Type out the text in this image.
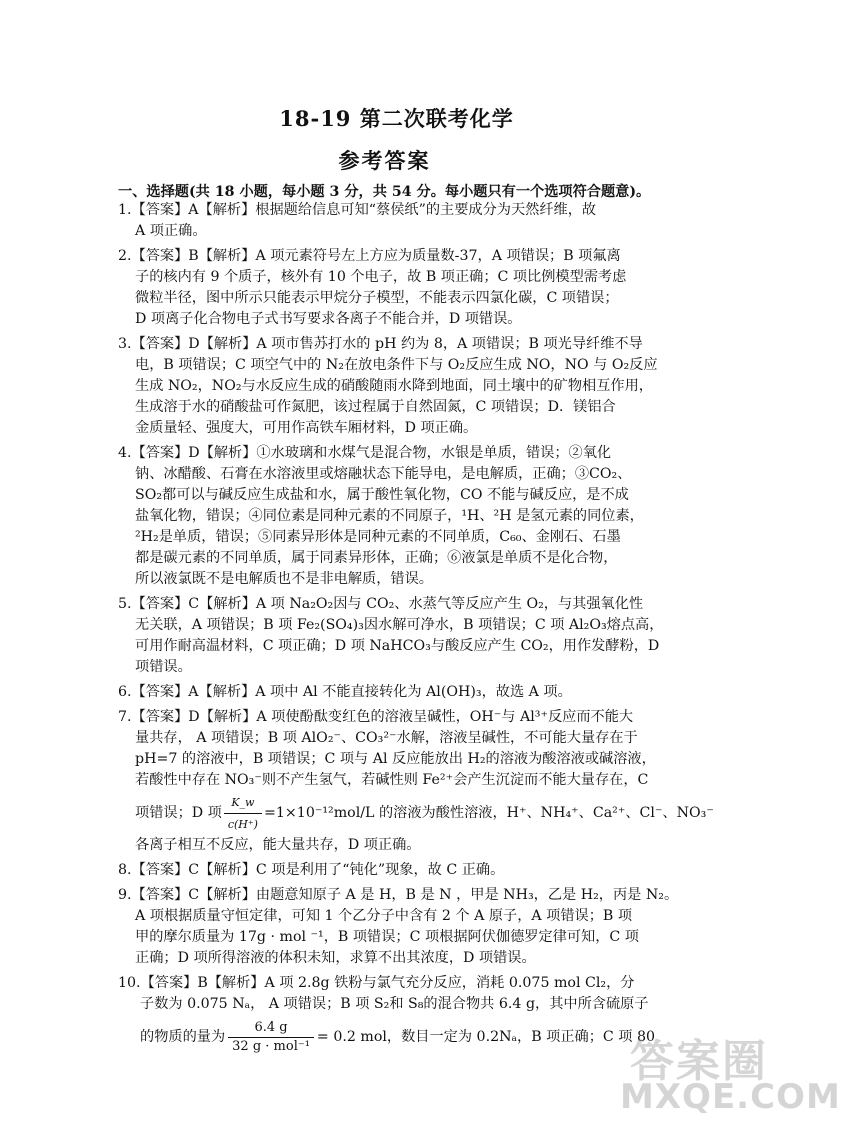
18-19 第二次联考化学
参考答案
一、选择题(共 18 小题，每小题 3 分，共 54 分。每小题只有一个选项符合题意)。
1.【答案】A【解析】根据题给信息可知“蔡侯纸”的主要成分为天然纤维，故
A 项正确。
2.【答案】B【解析】A 项元素符号左上方应为质量数-37，A 项错误；B 项氟离
子的核内有 9 个质子，核外有 10 个电子，故 B 项正确；C 项比例模型需考虑
微粒半径，图中所示只能表示甲烷分子模型，不能表示四氯化碳，C 项错误；
D 项离子化合物电子式书写要求各离子不能合并，D 项错误。
3.【答案】D【解析】A 项市售苏打水的 pH 约为 8，A 项错误；B 项光导纤维不导
电，B 项错误；C 项空气中的 N₂在放电条件下与 O₂反应生成 NO，NO 与 O₂反应
生成 NO₂，NO₂与水反应生成的硝酸随雨水降到地面，同土壤中的矿物相互作用，
生成溶于水的硝酸盐可作氮肥，该过程属于自然固氮，C 项错误；D．镁铝合
金质量轻、强度大，可用作高铁车厢材料，D 项正确。
4.【答案】D【解析】①水玻璃和水煤气是混合物，水银是单质，错误；②氧化
钠、冰醋酸、石膏在水溶液里或熔融状态下能导电，是电解质，正确；③CO₂、
SO₂都可以与碱反应生成盐和水，属于酸性氧化物，CO 不能与碱反应，是不成
盐氧化物，错误；④同位素是同种元素的不同原子，¹H、²H 是氢元素的同位素，
²H₂是单质，错误；⑤同素异形体是同种元素的不同单质，C₆₀、金刚石、石墨
都是碳元素的不同单质，属于同素异形体，正确；⑥液氯是单质不是化合物，
所以液氯既不是电解质也不是非电解质，错误。
5.【答案】C【解析】A 项 Na₂O₂因与 CO₂、水蒸气等反应产生 O₂，与其强氧化性
无关联，A 项错误；B 项 Fe₂(SO₄)₃因水解可净水，B 项错误；C 项 Al₂O₃熔点高，
可用作耐高温材料，C 项正确；D 项 NaHCO₃与酸反应产生 CO₂，用作发酵粉，D
项错误。
6.【答案】A【解析】A 项中 Al 不能直接转化为 Al(OH)₃，故选 A 项。
7.【答案】D【解析】A 项使酚酞变红色的溶液呈碱性，OH⁻与 Al³⁺反应而不能大
量共存， A 项错误；B 项 AlO₂⁻、CO₃²⁻水解，溶液呈碱性，不可能大量存在于
pH=7 的溶液中，B 项错误；C 项与 Al 反应能放出 H₂的溶液为酸溶液或碱溶液，
若酸性中存在 NO₃⁻则不产生氢气，若碱性则 Fe²⁺会产生沉淀而不能大量存在，C
项错误；D 项 $\frac{K\_w}{c(H^+)} =1\times 10^{-12}mol/L$ 的溶液为酸性溶液，H⁺、NH₄⁺、Ca²⁺、Cl⁻、NO₃⁻
各离子相互不反应，能大量共存，D 项正确。
8.【答案】C【解析】C 项是利用了“钝化”现象，故 C 正确。
9.【答案】C【解析】由题意知原子 A 是 H，B 是 N ，甲是 NH₃，乙是 H₂，丙是 N₂。
A 项根据质量守恒定律，可知 1 个乙分子中含有 2 个 A 原子，A 项错误；B 项
甲的摩尔质量为 17g · mol ⁻¹，B 项错误；C 项根据阿伏伽德罗定律可知，C 项
正确；D 项所得溶液的体积未知，求算不出其浓度，D 项错误。
10.【答案】B【解析】A 项 2.8g 铁粉与氯气充分反应，消耗 0.075 mol Cl₂，分
子数为 0.075 Nₐ， A 项错误；B 项 S₂和 S₈的混合物共 6.4 g，其中所含硫原子
的物质的量为 $\frac{6.4 g}{\text{32 g · mol⁻¹}} = 0.2$ mol，数目一定为 0.2Nₐ，B 项正确；C 项 80
答案圈
MXQE.COM
